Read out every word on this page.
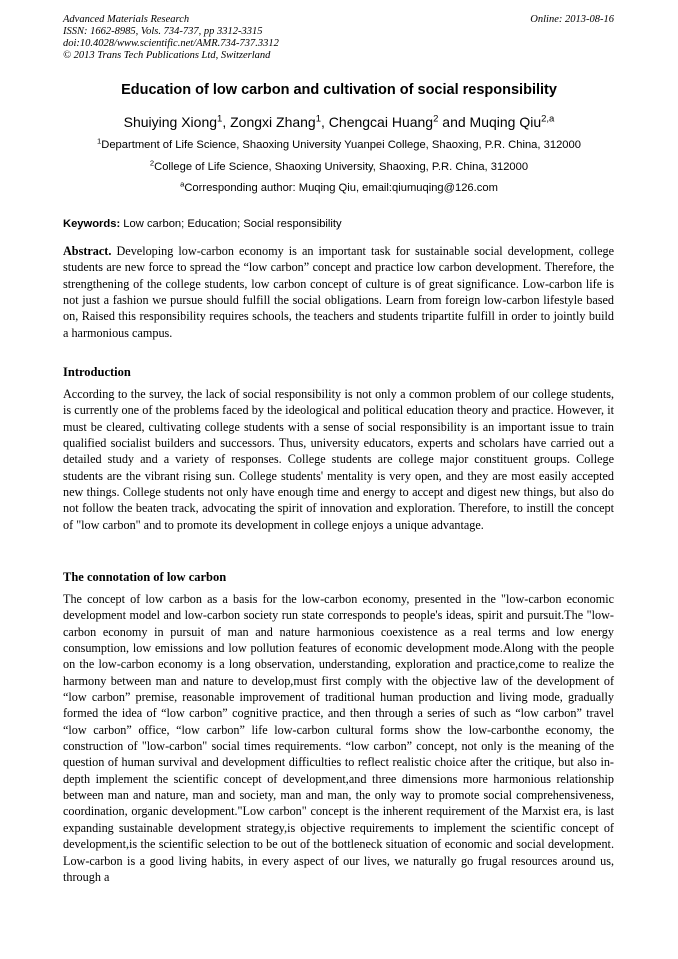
Advanced Materials Research
ISSN: 1662-8985, Vols. 734-737, pp 3312-3315
doi:10.4028/www.scientific.net/AMR.734-737.3312
© 2013 Trans Tech Publications Ltd, Switzerland
Online: 2013-08-16
Education of low carbon and cultivation of social responsibility
Shuiying Xiong$^1$, Zongxi Zhang$^1$, Chengcai Huang$^2$ and Muqing Qiu$^{2,a}$
$^1$Department of Life Science, Shaoxing University Yuanpei College, Shaoxing, P.R. China, 312000
$^2$College of Life Science, Shaoxing University, Shaoxing, P.R. China, 312000
$^a$Corresponding author: Muqing Qiu, email:qiumuqing@126.com
Keywords: Low carbon; Education; Social responsibility
Abstract. Developing low-carbon economy is an important task for sustainable social development, college students are new force to spread the “low carbon” concept and practice low carbon development. Therefore, the strengthening of the college students, low carbon concept of culture is of great significance. Low-carbon life is not just a fashion we pursue should fulfill the social obligations. Learn from foreign low-carbon lifestyle based on, Raised this responsibility requires schools, the teachers and students tripartite fulfill in order to jointly build a harmonious campus.
Introduction
According to the survey, the lack of social responsibility is not only a common problem of our college students, is currently one of the problems faced by the ideological and political education theory and practice. However, it must be cleared, cultivating college students with a sense of social responsibility is an important issue to train qualified socialist builders and successors. Thus, university educators, experts and scholars have carried out a detailed study and a variety of responses. College students are college major constituent groups. College students are the vibrant rising sun. College students' mentality is very open, and they are most easily accepted new things. College students not only have enough time and energy to accept and digest new things, but also do not follow the beaten track, advocating the spirit of innovation and exploration. Therefore, to instill the concept of "low carbon" and to promote its development in college enjoys a unique advantage.
The connotation of low carbon
The concept of low carbon as a basis for the low-carbon economy, presented in the "low-carbon economic development model and low-carbon society run state corresponds to people's ideas, spirit and pursuit.The "low-carbon economy in pursuit of man and nature harmonious coexistence as a real terms and low energy consumption, low emissions and low pollution features of economic development mode.Along with the people on the low-carbon economy is a long observation, understanding, exploration and practice,come to realize the harmony between man and nature to develop,must first comply with the objective law of the development of “low carbon” premise, reasonable improvement of traditional human production and living mode, gradually formed the idea of “low carbon” cognitive practice, and then through a series of such as “low carbon” travel “low carbon” office, “low carbon” life low-carbon cultural forms show the low-carbonthe economy, the construction of "low-carbon" social times requirements. “low carbon” concept, not only is the meaning of the question of human survival and development difficulties to reflect realistic choice after the critique, but also in-depth implement the scientific concept of development,and three dimensions more harmonious relationship between man and nature, man and society, man and man, the only way to promote social comprehensiveness, coordination, organic development."Low carbon" concept is the inherent requirement of the Marxist era, is last expanding sustainable development strategy,is objective requirements to implement the scientific concept of development,is the scientific selection to be out of the bottleneck situation of economic and social development. Low-carbon is a good living habits, in every aspect of our lives, we naturally go frugal resources around us, through a
